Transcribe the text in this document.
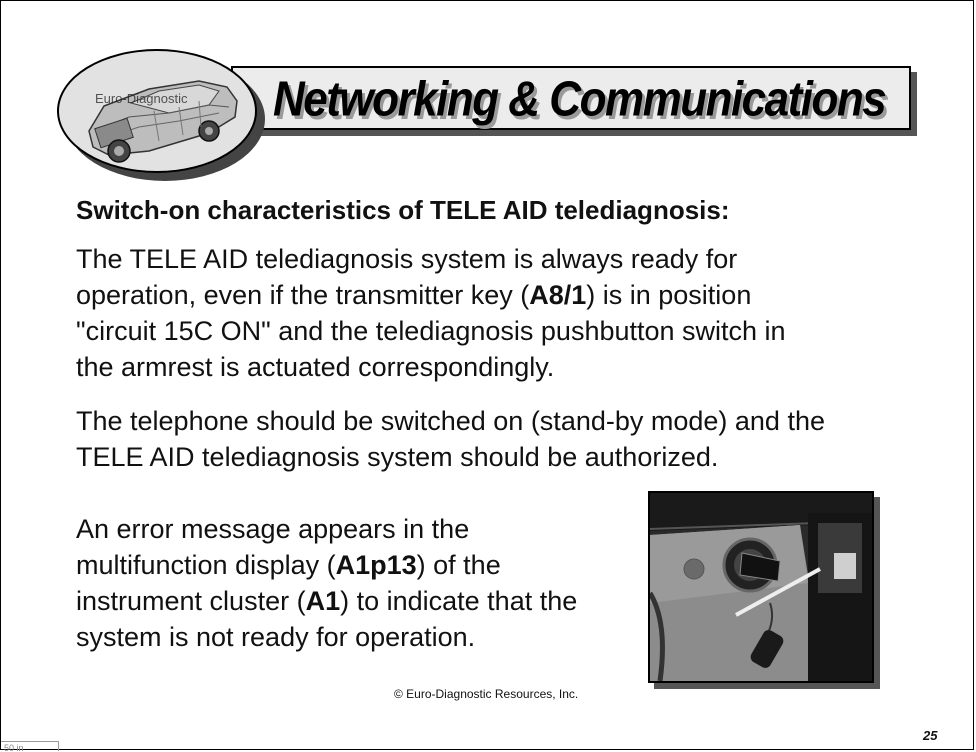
Networking & Communications
Euro-Diagnostic
Switch-on characteristics of TELE AID telediagnosis:
The TELE AID telediagnosis system is always ready for
operation, even if the transmitter key (A8/1) is in position
"circuit 15C ON" and the telediagnosis pushbutton switch in
the armrest is actuated correspondingly.
The telephone should be switched on (stand-by mode) and the
TELE AID telediagnosis system should be authorized.
An error message appears in the
multifunction display (A1p13) of the
instrument cluster (A1) to indicate that the
system is not ready for operation.
© Euro-Diagnostic Resources, Inc.
25
50 in
